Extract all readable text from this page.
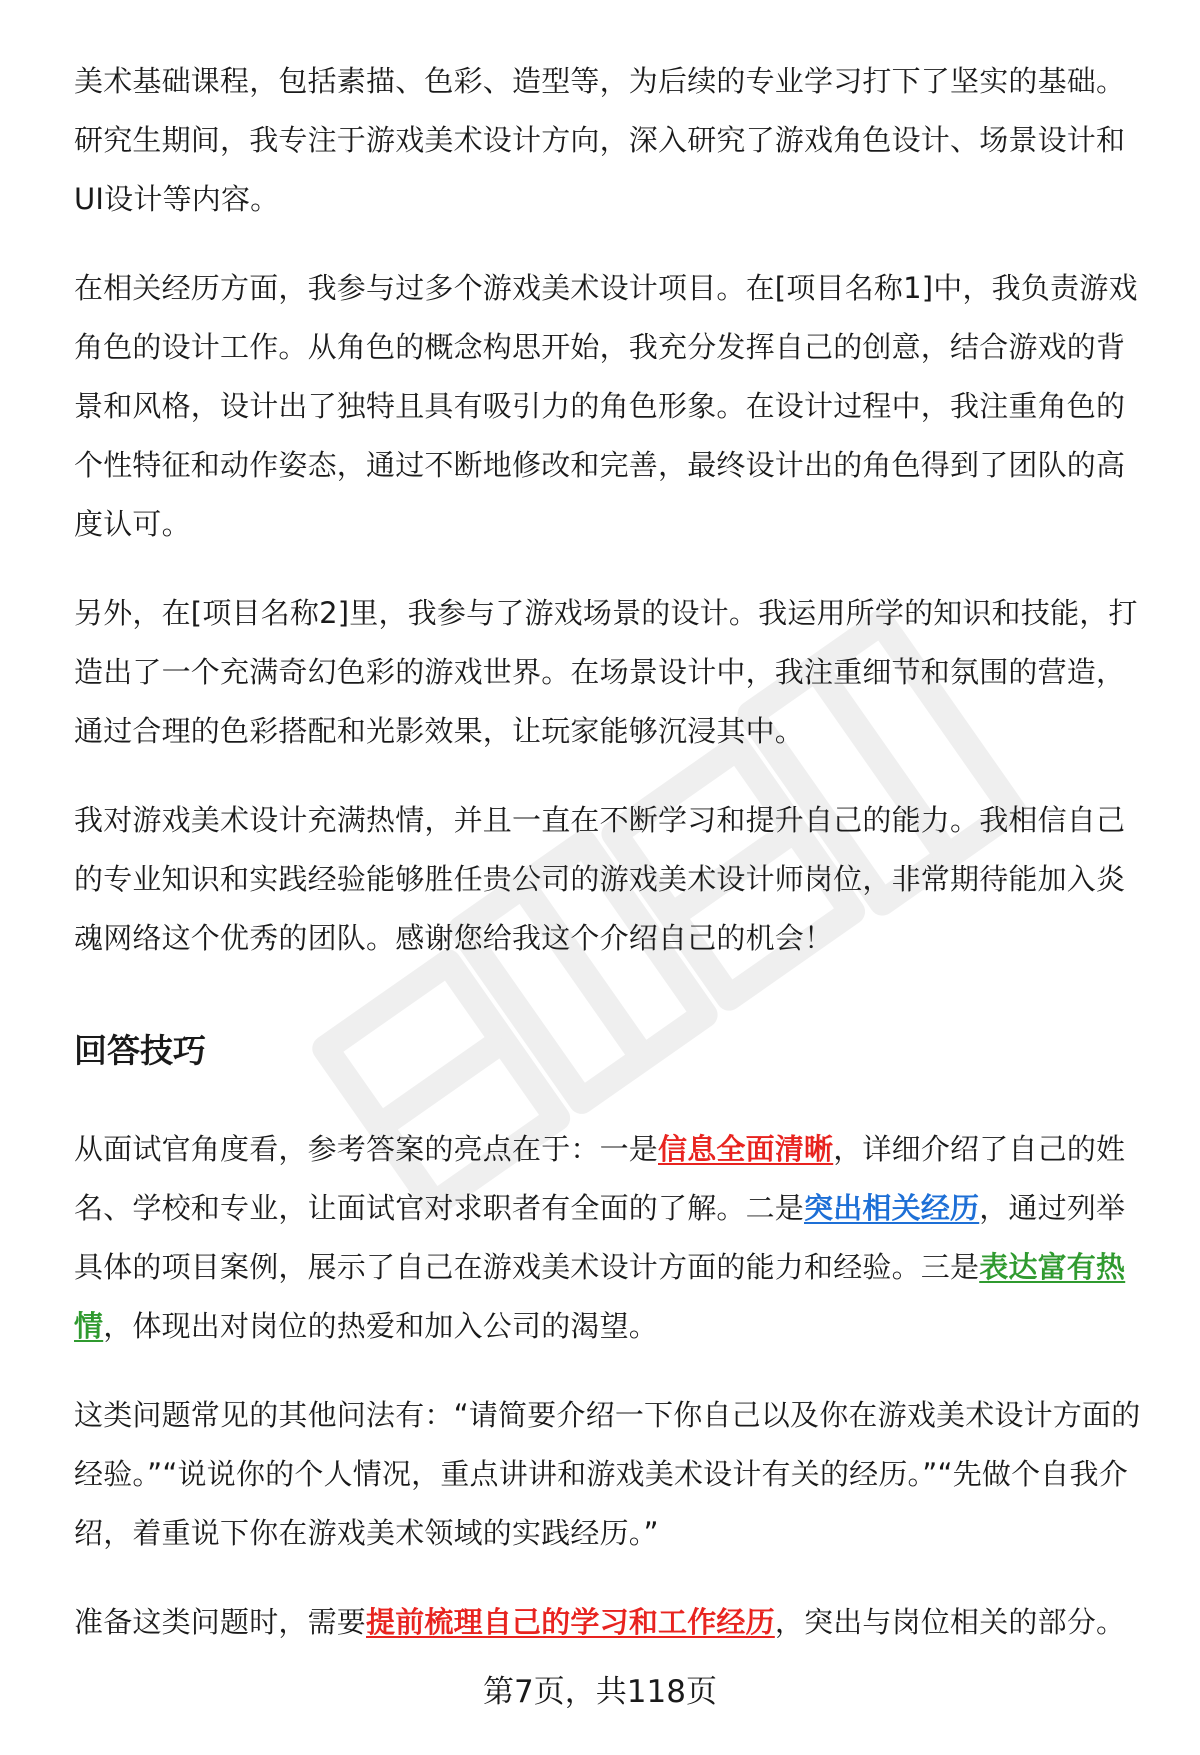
美术基础课程，包括素描、色彩、造型等，为后续的专业学习打下了坚实的基础。研究生期间，我专注于游戏美术设计方向，深入研究了游戏角色设计、场景设计和UI设计等内容。

在相关经历方面，我参与过多个游戏美术设计项目。在[项目名称1]中，我负责游戏角色的设计工作。从角色的概念构思开始，我充分发挥自己的创意，结合游戏的背景和风格，设计出了独特且具有吸引力的角色形象。在设计过程中，我注重角色的个性特征和动作姿态，通过不断地修改和完善，最终设计出的角色得到了团队的高度认可。

另外，在[项目名称2]里，我参与了游戏场景的设计。我运用所学的知识和技能，打造出了一个充满奇幻色彩的游戏世界。在场景设计中，我注重细节和氛围的营造，通过合理的色彩搭配和光影效果，让玩家能够沉浸其中。

我对游戏美术设计充满热情，并且一直在不断学习和提升自己的能力。我相信自己的专业知识和实践经验能够胜任贵公司的游戏美术设计师岗位，非常期待能加入炎魂网络这个优秀的团队。感谢您给我这个介绍自己的机会！

回答技巧

从面试官角度看，参考答案的亮点在于：一是信息全面清晰，详细介绍了自己的姓名、学校和专业，让面试官对求职者有全面的了解。二是突出相关经历，通过列举具体的项目案例，展示了自己在游戏美术设计方面的能力和经验。三是表达富有热情，体现出对岗位的热爱和加入公司的渴望。

这类问题常见的其他问法有：“请简要介绍一下你自己以及你在游戏美术设计方面的经验。”“说说你的个人情况，重点讲讲和游戏美术设计有关的经历。”“先做个自我介绍，着重说下你在游戏美术领域的实践经历。”

准备这类问题时，需要提前梳理自己的学习和工作经历，突出与岗位相关的部分。

第7页，共118页
